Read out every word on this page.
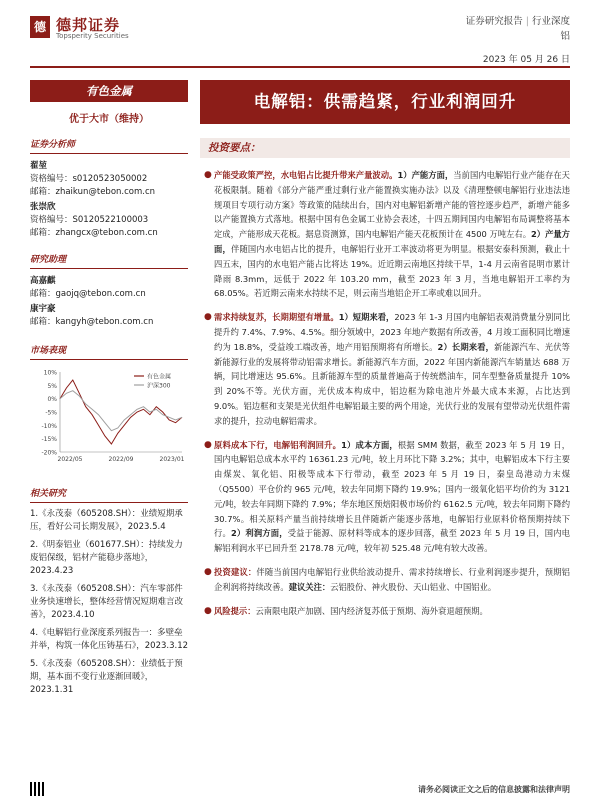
德 德邦证券
Topsperity Securities
证券研究报告 | 行业深度
铝
2023 年 05 月 26 日
有色金属
优于大市（维持）
证券分析师
翟堃
资格编号：s0120523050002
邮箱：zhaikun@tebon.com.cn
张崇欣
资格编号：S0120522100003
邮箱：zhangcx@tebon.com.cn
研究助理
高嘉麒
邮箱：gaojq@tebon.com.cn
康宇豪
邮箱：kangyh@tebon.com.cn
市场表现
-20%
-15%
-10%
-5%
0%
5%
10%
2022/05	2022/09	2023/01
有色金属
沪深300
相关研究
1.《永茂泰（605208.SH）：业绩短期承压，看好公司长期发展》，2023.5.4
2.《明泰铝业（601677.SH）：持续发力废铝保级，铝材产能稳步落地》，2023.4.23
3.《永茂泰（605208.SH）：汽车零部件业务快速增长，整体经营情况短期难言改善》，2023.4.10
4.《电解铝行业深度系列报告一：多壁垒并举，构筑一体化压铸基石》，2023.3.12
5.《永茂泰（605208.SH）：业绩低于预期，基本面不变行业逐渐回暖》，2023.1.31
电解铝：供需趋紧，行业利润回升
投资要点：
● 产能受政策严控，水电铝占比提升带来产量波动。1）产能方面，当前国内电解铝行业产能存在天花板限制。随着《部分产能严重过剩行业产能置换实施办法》以及《清理整顿电解铝行业违法违规项目专项行动方案》等政策的陆续出台，国内对电解铝新增产能的管控逐步趋严，新增产能多以产能置换方式落地。根据中国有色金属工业协会表述，十四五期间国内电解铝布局调整将基本定成，产能形成天花板。据息资测算，国内电解铝产能天花板预计在 4500 万吨左右。2）产量方面，伴随国内水电铝占比的提升，电解铝行业开工率波动将更为明显。根据安泰科预测，截止十四五末，国内的水电铝产能占比将达 19%。近近期云南地区持续干旱，1-4 月云南省昆明市累计降雨 8.3mm，远低于 2022 年 103.20 mm，截至 2023 年 3 月，当地电解铝开工率约为 68.05%。若近期云南来水持续不足，则云南当地铝企开工率或难以回升。
● 需求持续复苏，长期期望有增量。1）短期来看，2023 年 1-3 月国内电解铝表观消费量分别同比提升约 7.4%、7.9%、4.5%。细分领域中，2023 年地产数据有所改善，4 月竣工面积同比增速约为 18.8%，受益竣工端改善，地产用铝预期将有所增长。2）长期来看，新能源汽车、光伏等新能源行业的发展将带动铝需求增长。新能源汽车方面，2022 年国内新能源汽车销量达 688 万辆，同比增速达 95.6%。且新能源车型的质量普遍高于传统燃油车，同车型整备质量提升 10%到 20%不等。光伏方面，光伏成本构成中，铝边框为除电池片外最大成本来源，占比达到 9.0%。铝边框和支架是光伏组件电解铝最主要的两个用途，光伏行业的发展有望带动光伏组件需求的提升，拉动电解铝需求。
● 原料成本下行，电解铝利润回升。1）成本方面，根据 SMM 数据，截至 2023 年 5 月 19 日，国内电解铝总成本水平约 16361.23 元/吨，较上月环比下降 3.2%；其中，电解铝成本下行主要由煤炭、氧化铝、阳极等成本下行带动，截至 2023 年 5 月 19 日，秦皇岛港动力末煤（Q5500）平仓价约 965 元/吨，较去年同期下降约 19.9%；国内一级氧化铝平均价约为 3121 元/吨，较去年同期下降约 7.9%；华东地区预焙阳极市场价约 6162.5 元/吨，较去年同期下降约 30.7%。相关原料产量当前持续增长且伴随新产能逐步落地，电解铝行业原料价格预期持续下行。2）利润方面，受益于能源、原材料等成本的逐步回落，截至 2023 年 5 月 19 日，国内电解铝利润水平已回升至 2178.78 元/吨，较年初 525.48 元/吨有较大改善。
● 投资建议：伴随当前国内电解铝行业供给波动提升、需求持续增长、行业利润逐步提升，预期铝企利润将持续改善。建议关注：云铝股份、神火股份、天山铝业、中国铝业。
● 风险提示：云南限电限产加剧、国内经济复苏低于预期、海外衰退超预期。
请务必阅读正文之后的信息披露和法律声明
